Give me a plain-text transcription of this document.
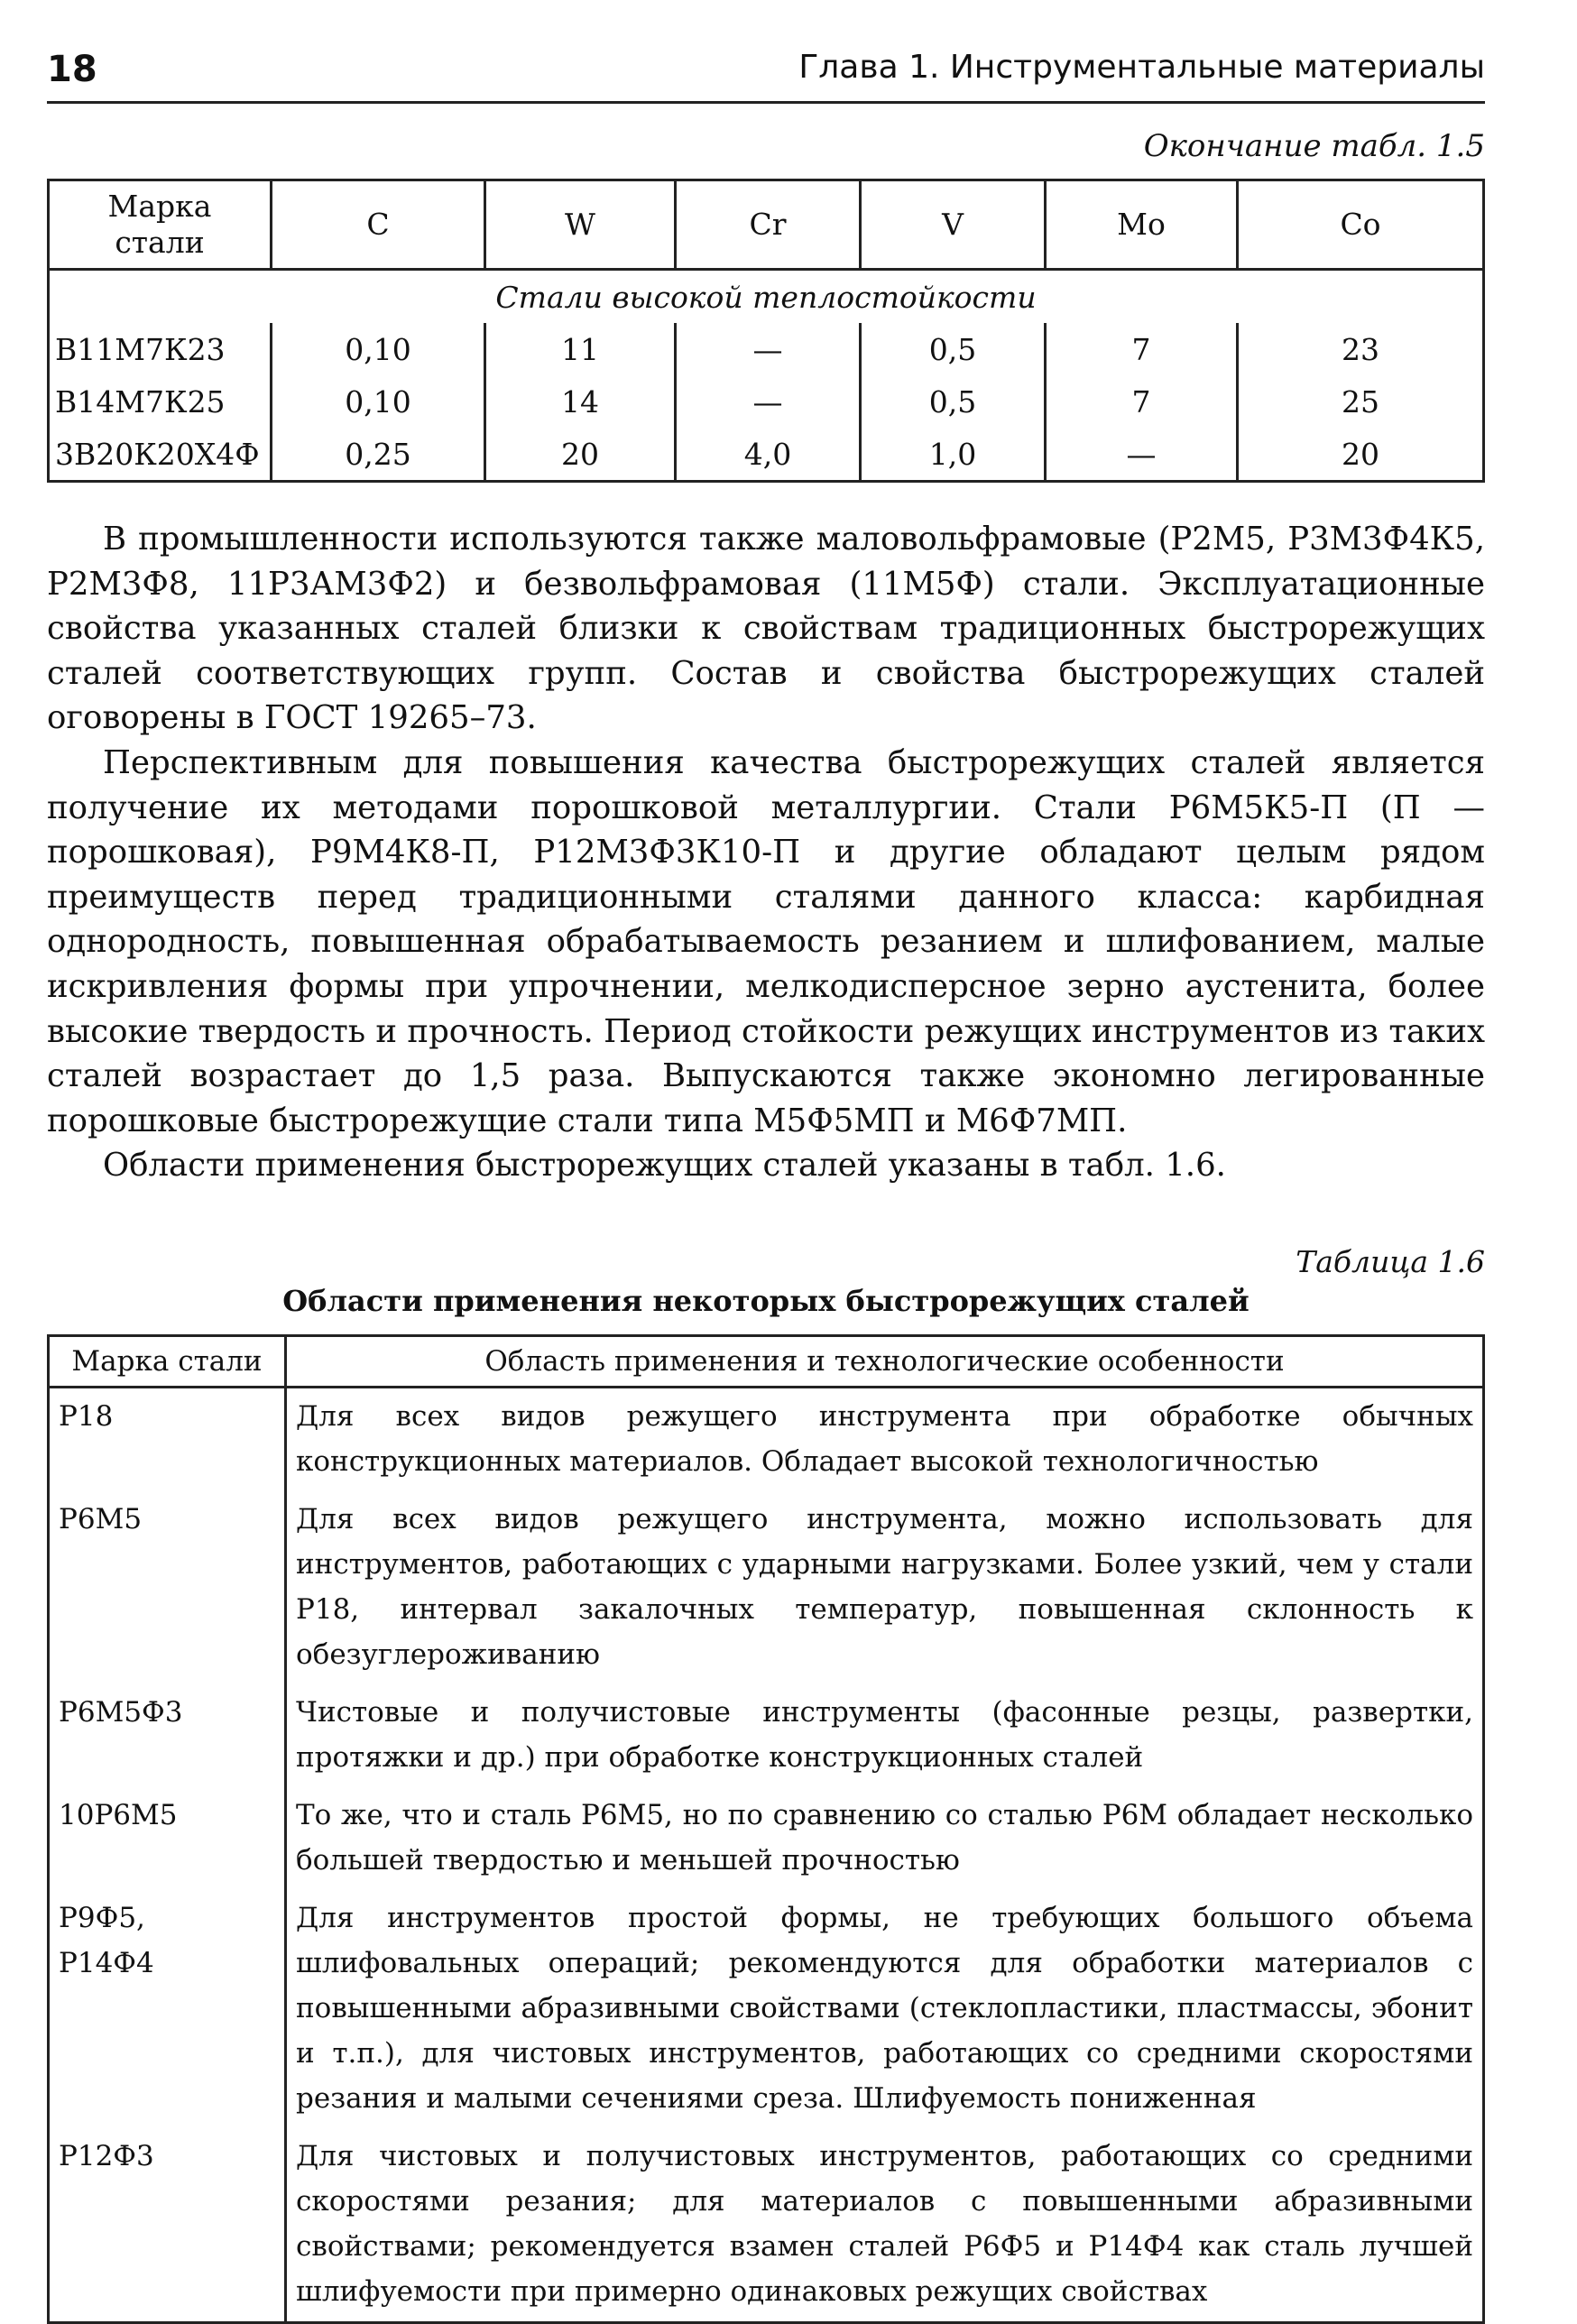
18	Глава 1. Инструментальные материалы
Окончание табл. 1.5
Марка стали	C	W	Cr	V	Mo	Co
Стали высокой теплостойкости						
В11М7К23	0,10	11	—	0,5	7	23
В14М7К25	0,10	14	—	0,5	7	25
3В20К20Х4Ф	0,25	20	4,0	1,0	—	20

В промышленности используются также маловольфрамовые (Р2М5, Р3М3Ф4К5, Р2М3Ф8, 11Р3АМ3Ф2) и безвольфрамовая (11М5Ф) стали. Эксплуатационные свойства указанных сталей близки к свойствам традиционных быстрорежущих сталей соответствующих групп. Состав и свойства быстрорежущих сталей оговорены в ГОСТ 19265–73.

Перспективным для повышения качества быстрорежущих сталей является получение их методами порошковой металлургии. Стали Р6М5К5-П (П — порошковая), Р9М4К8-П, Р12М3Ф3К10-П и другие обладают целым рядом преимуществ перед традиционными сталями данного класса: карбидная однородность, повышенная обрабатываемость резанием и шлифованием, малые искривления формы при упрочнении, мелкодисперсное зерно аустенита, более высокие твердость и прочность. Период стойкости режущих инструментов из таких сталей возрастает до 1,5 раза. Выпускаются также экономно легированные порошковые быстрорежущие стали типа М5Ф5МП и М6Ф7МП.

Области применения быстрорежущих сталей указаны в табл. 1.6.

Таблица 1.6
Области применения некоторых быстрорежущих сталей
Марка стали	Область применения и технологические особенности
Р18	Для всех видов режущего инструмента при обработке обычных конструкционных материалов. Обладает высокой технологичностью
Р6М5	Для всех видов режущего инструмента, можно использовать для инструментов, работающих с ударными нагрузками. Более узкий, чем у стали Р18, интервал закалочных температур, повышенная склонность к обезуглероживанию
Р6М5Ф3	Чистовые и получистовые инструменты (фасонные резцы, развертки, протяжки и др.) при обработке конструкционных сталей
10Р6М5	То же, что и сталь Р6М5, но по сравнению со сталью Р6М обладает несколько большей твердостью и меньшей прочностью
Р9Ф5,
Р14Ф4	Для инструментов простой формы, не требующих большого объема шлифовальных операций; рекомендуются для обработки материалов с повышенными абразивными свойствами (стеклопластики, пластмассы, эбонит и т.п.), для чистовых инструментов, работающих со средними скоростями резания и малыми сечениями среза. Шлифуемость пониженная
Р12Ф3	Для чистовых и получистовых инструментов, работающих со средними скоростями резания; для материалов с повышенными абразивными свойствами; рекомендуется взамен сталей Р6Ф5 и Р14Ф4 как сталь лучшей шлифуемости при примерно одинаковых режущих свойствах
